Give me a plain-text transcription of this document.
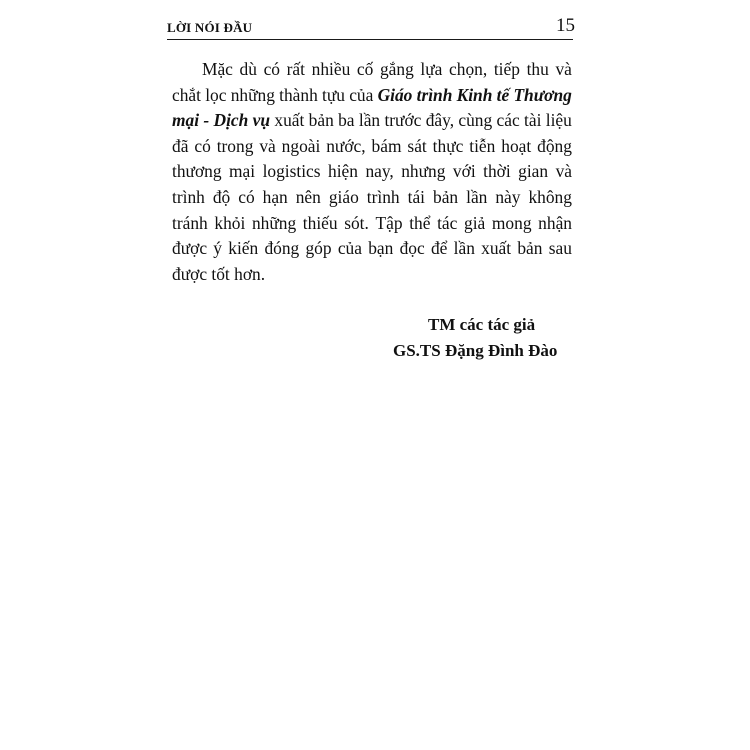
LỜI NÓI ĐẦU	15
Mặc dù có rất nhiều cố gắng lựa chọn, tiếp thu và
chắt lọc những thành tựu của Giáo trình Kinh tế Thương
mại - Dịch vụ xuất bản ba lần trước đây, cùng các tài liệu
đã có trong và ngoài nước, bám sát thực tiễn hoạt động
thương mại logistics hiện nay, nhưng với thời gian và
trình độ có hạn nên giáo trình tái bản lần này không
tránh khỏi những thiếu sót. Tập thể tác giả mong nhận
được ý kiến đóng góp của bạn đọc để lần xuất bản sau
được
tốt
hơn.
TM các tác giả
GS.TS Đặng Đình Đào
